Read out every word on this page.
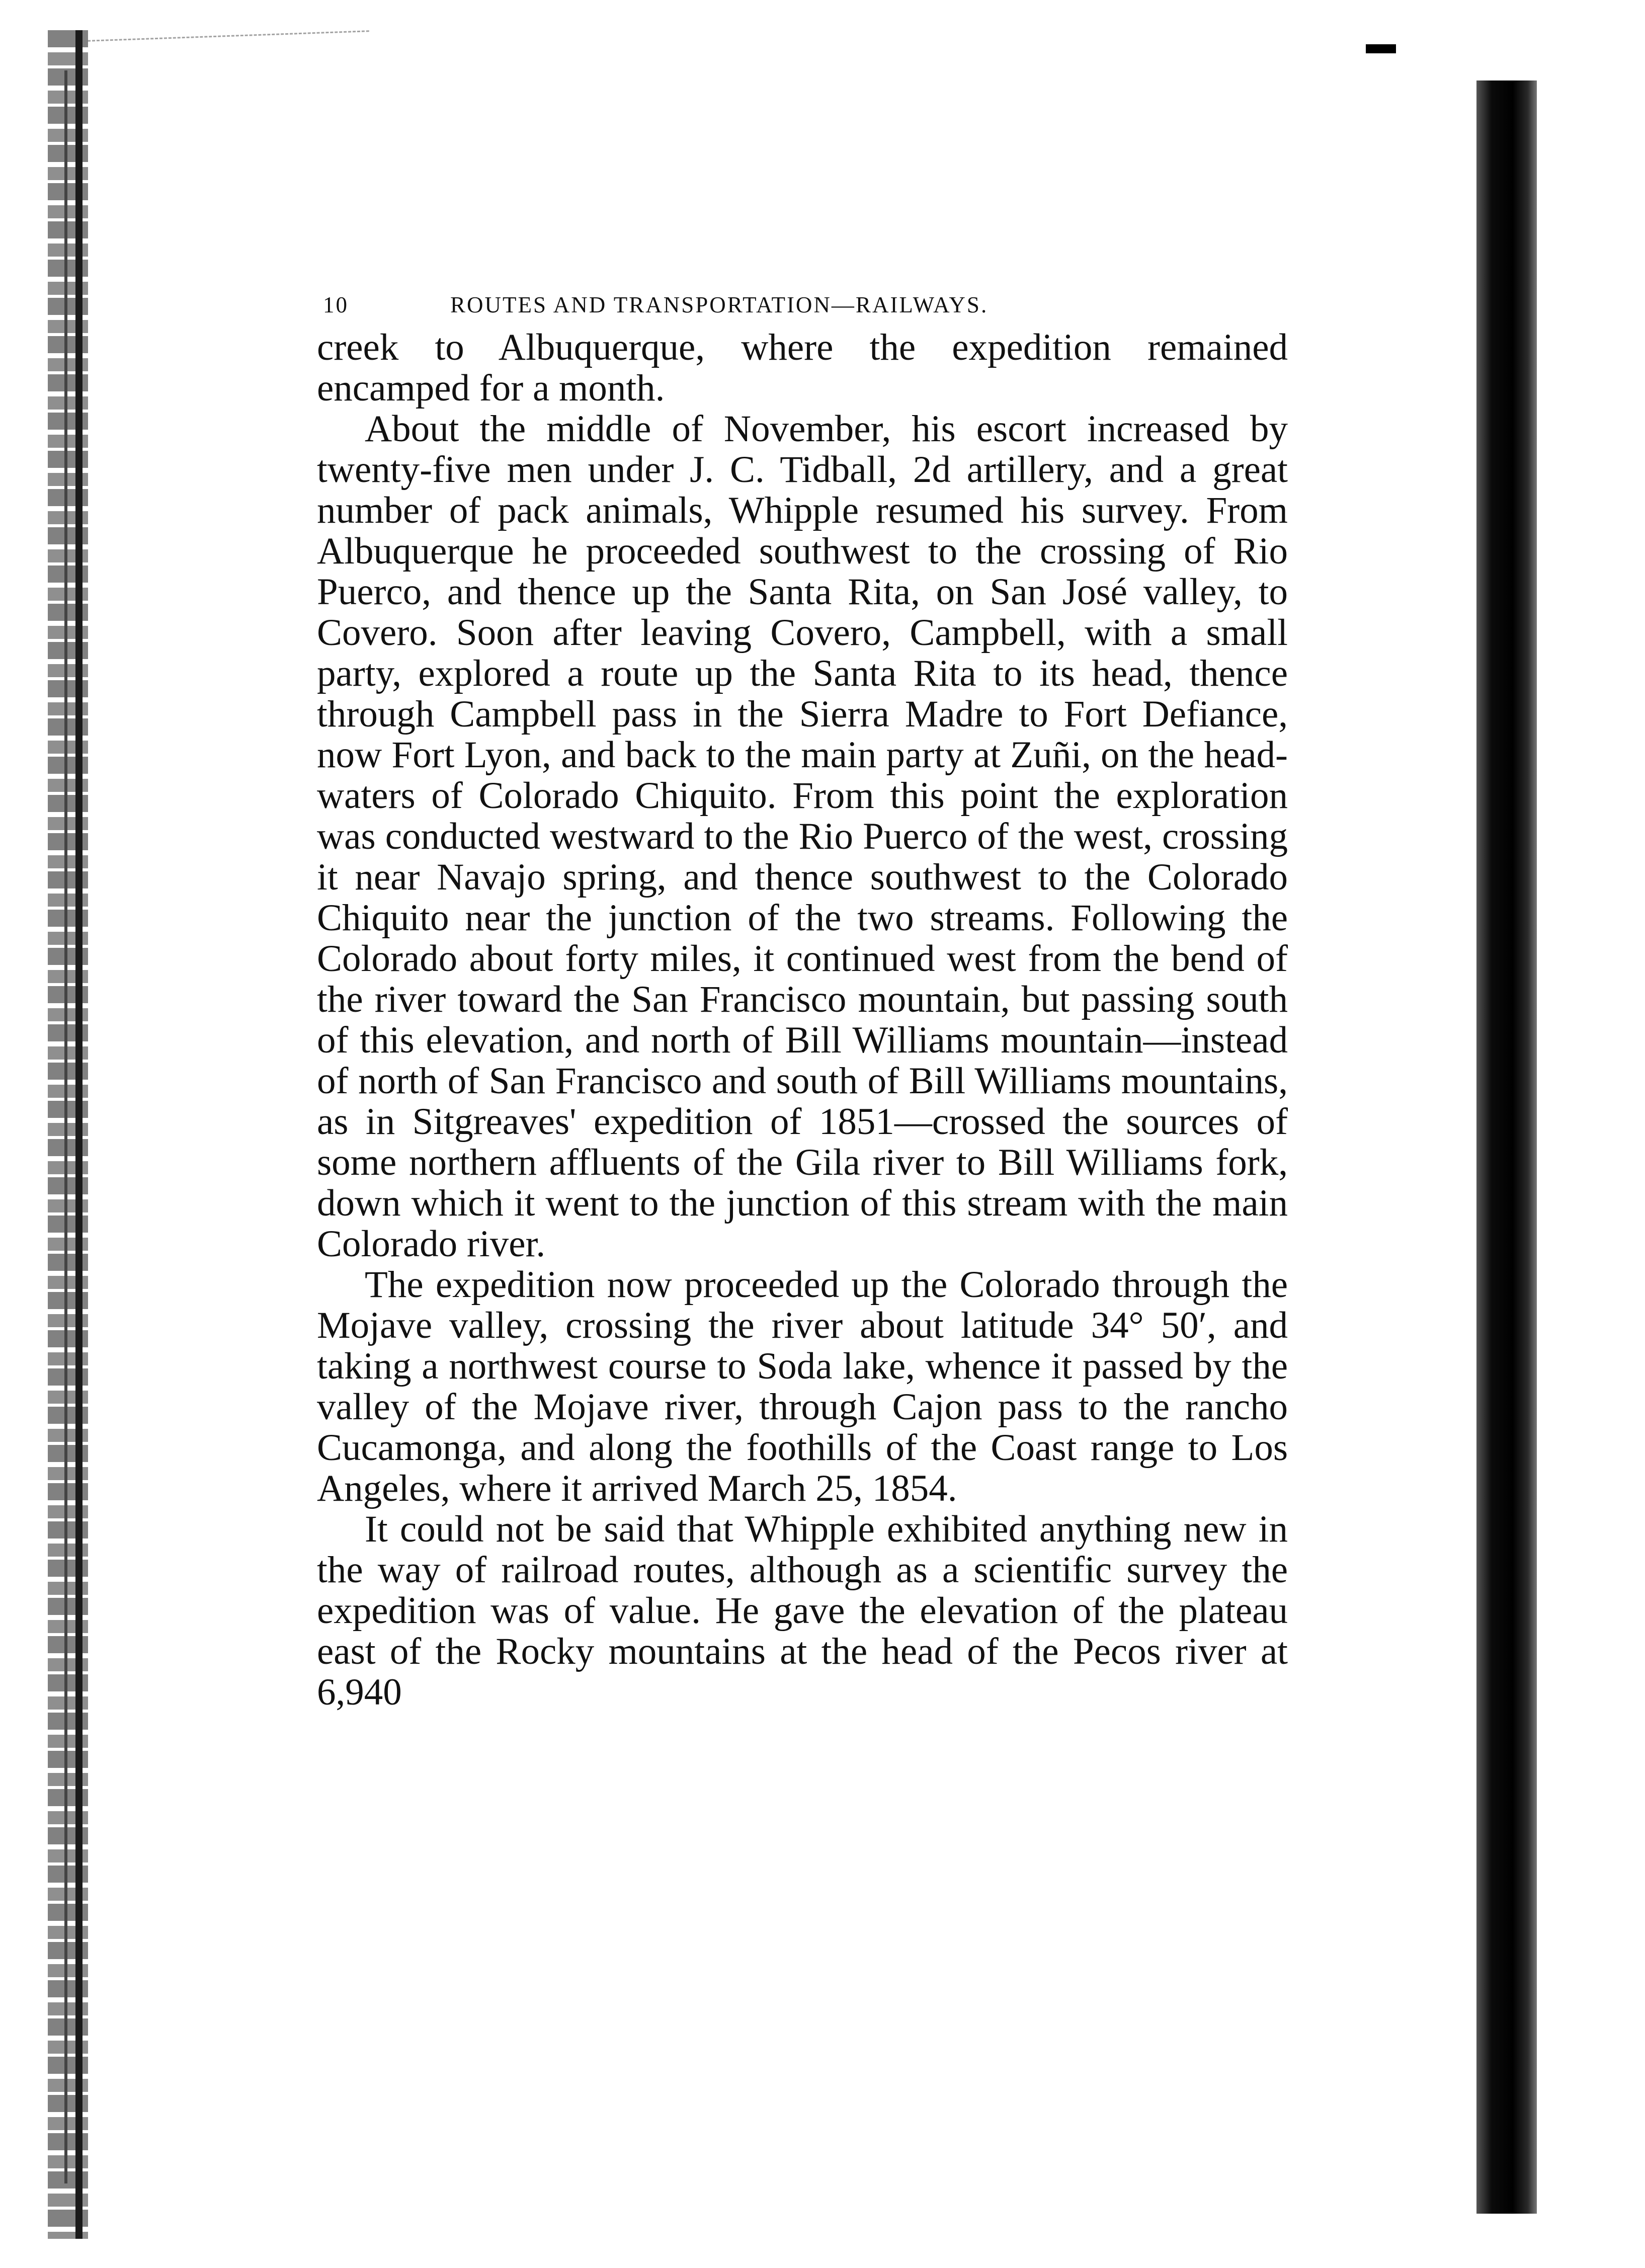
10	ROUTES AND TRANSPORTATION—RAILWAYS.

creek to Albuquerque, where the expedition remained encamped for a month.

About the middle of November, his escort increased by twenty-five men under J. C. Tidball, 2d artillery, and a great number of pack animals, Whipple resumed his survey. From Albuquerque he proceeded southwest to the crossing of Rio Puerco, and thence up the Santa Rita, on San José valley, to Covero. Soon after leaving Covero, Campbell, with a small party, explored a route up the Santa Rita to its head, thence through Campbell pass in the Sierra Madre to Fort Defiance, now Fort Lyon, and back to the main party at Zuñi, on the head-waters of Colorado Chiquito. From this point the exploration was conducted westward to the Rio Puerco of the west, crossing it near Navajo spring, and thence southwest to the Colorado Chiquito near the junction of the two streams. Following the Colorado about forty miles, it continued west from the bend of the river toward the San Francisco mountain, but passing south of this elevation, and north of Bill Williams mountain—instead of north of San Francisco and south of Bill Williams mountains, as in Sitgreaves' expedition of 1851—crossed the sources of some northern affluents of the Gila river to Bill Williams fork, down which it went to the junction of this stream with the main Colorado river.

The expedition now proceeded up the Colorado through the Mojave valley, crossing the river about latitude 34° 50′, and taking a northwest course to Soda lake, whence it passed by the valley of the Mojave river, through Cajon pass to the rancho Cucamonga, and along the foothills of the Coast range to Los Angeles, where it arrived March 25, 1854.

It could not be said that Whipple exhibited anything new in the way of railroad routes, although as a scientific survey the expedition was of value. He gave the elevation of the plateau east of the Rocky mountains at the head of the Pecos river at 6,940
